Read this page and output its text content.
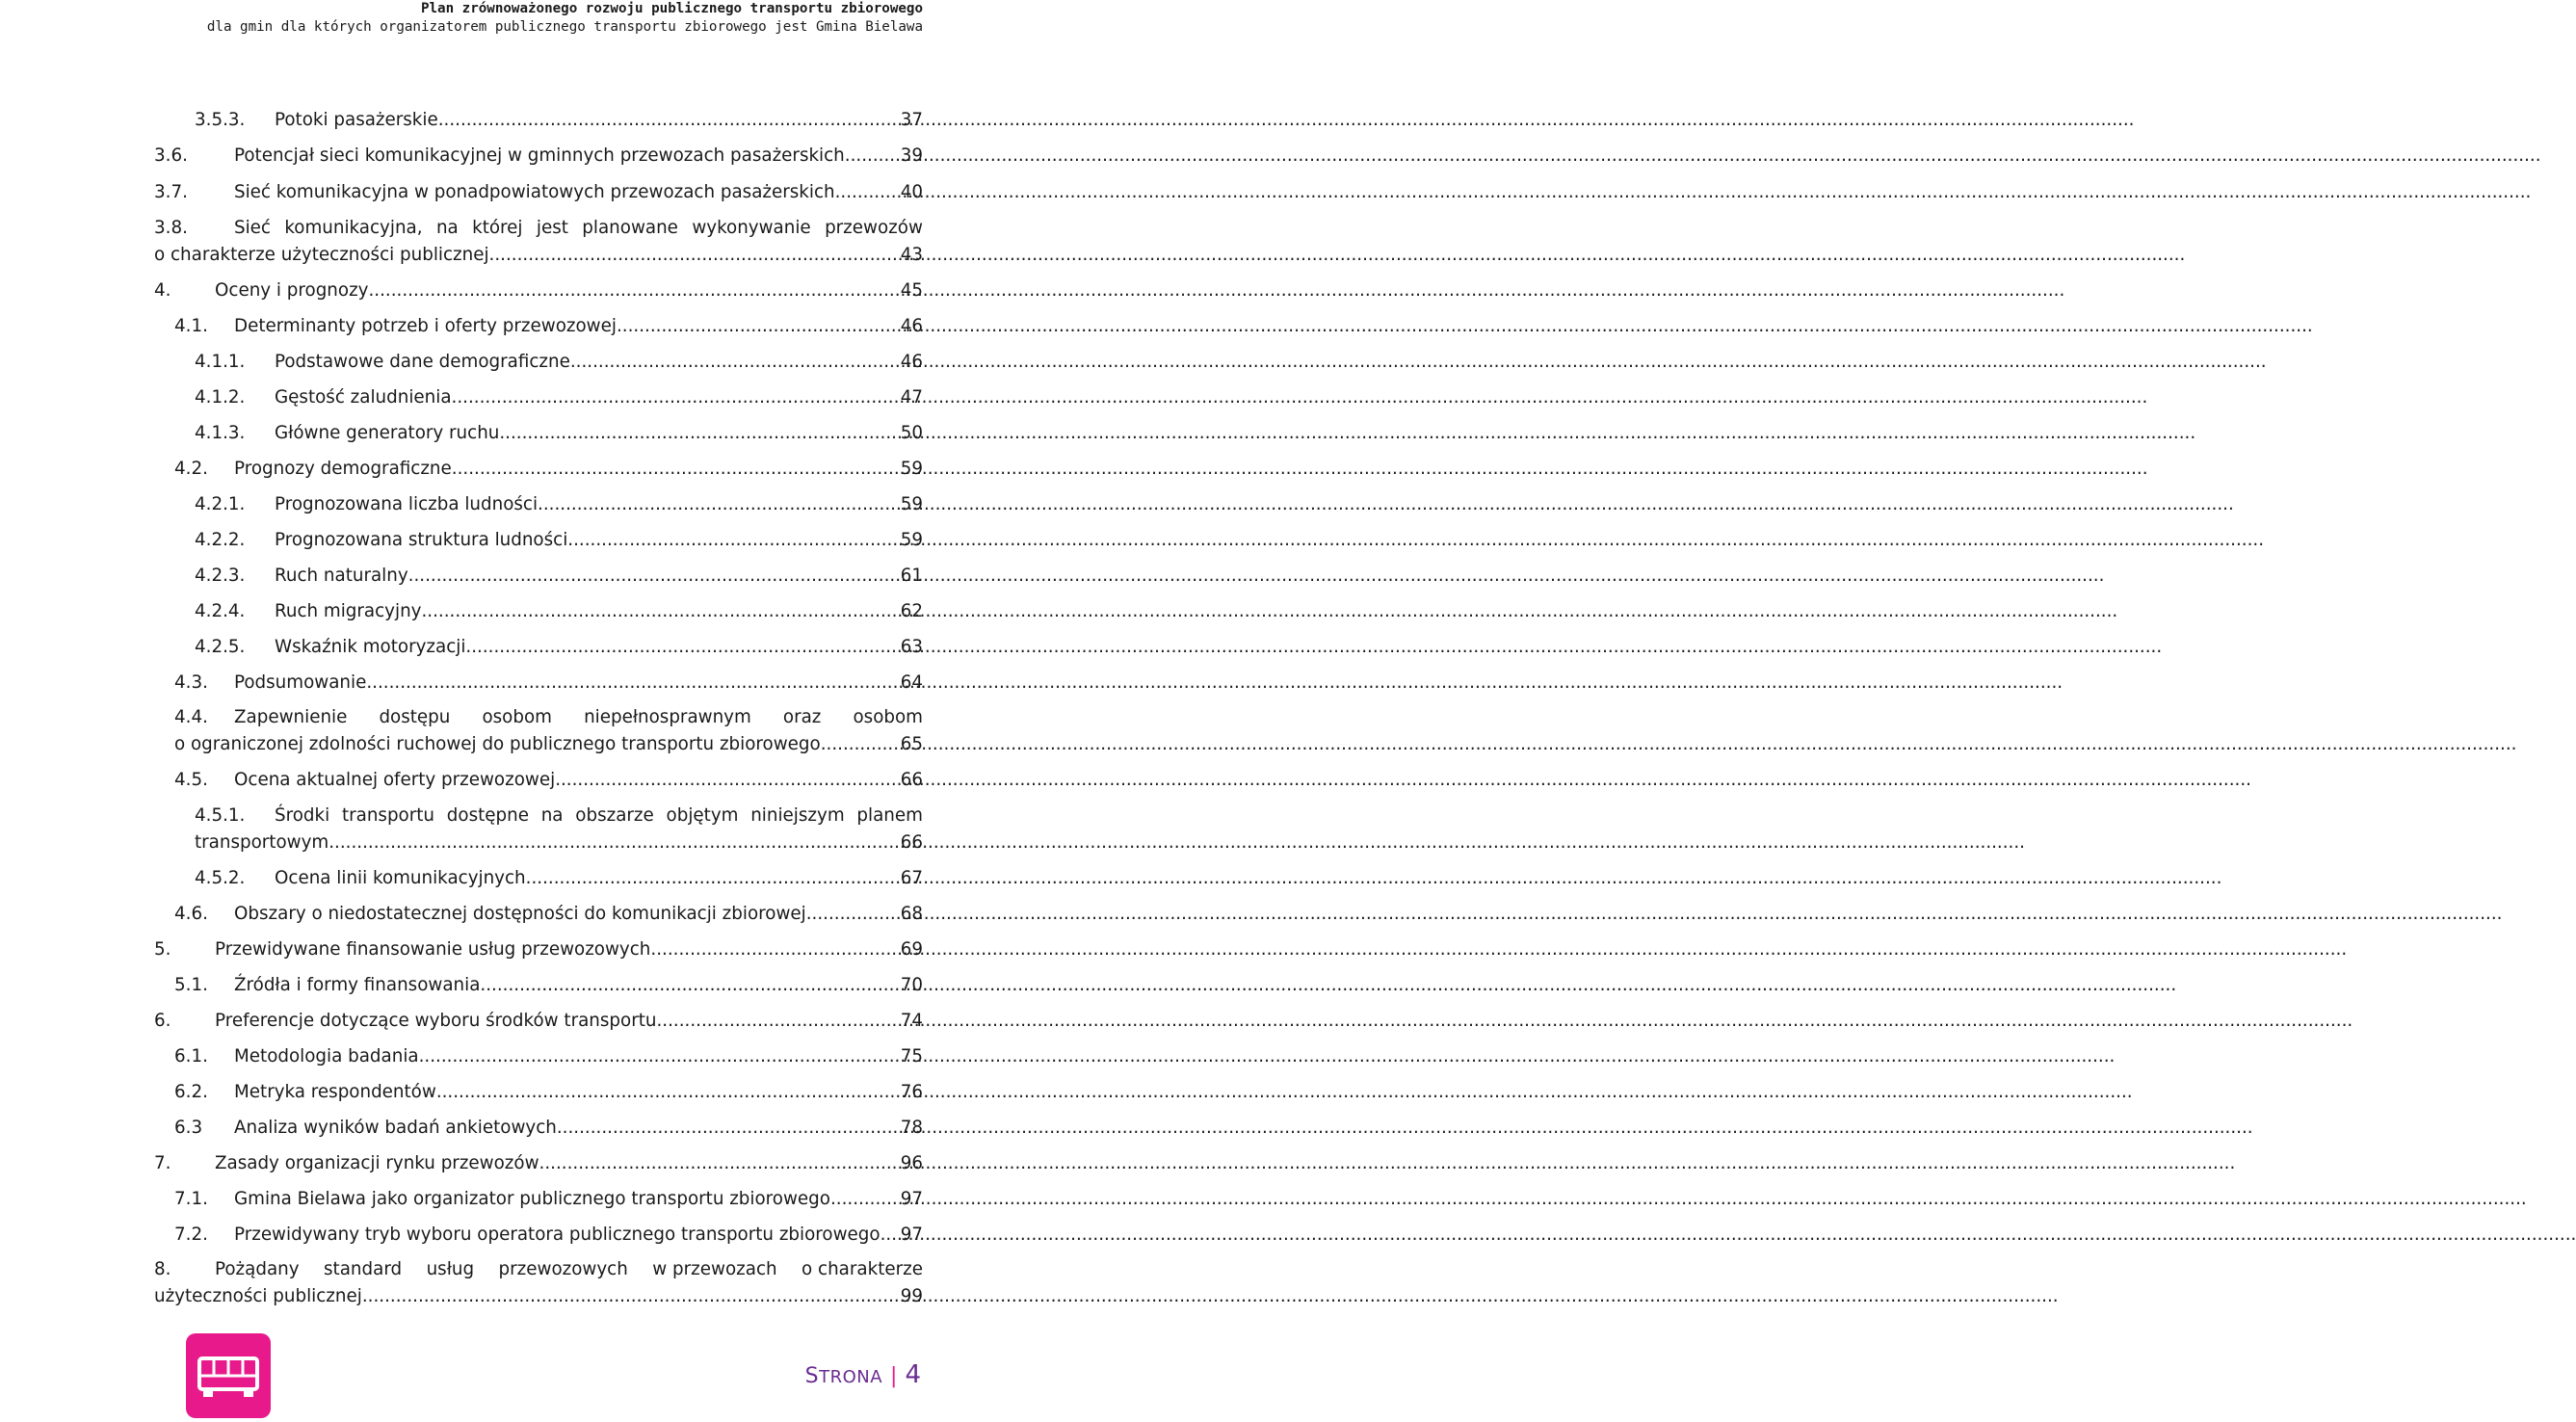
Plan zrównoważonego rozwoju publicznego transportu zbiorowego
dla gmin dla których organizatorem publicznego transportu zbiorowego jest Gmina Bielawa
3.5.3. Potoki pasażerskie .....	37
3.6.	Potencjał sieci komunikacyjnej w gminnych przewozach pasażerskich .....	39
3.7.	Sieć komunikacyjna w ponadpowiatowych przewozach pasażerskich .....	40
3.8.	Sieć komunikacyjna, na której jest planowane wykonywanie przewozów
o charakterze użyteczności publicznej .....	43
4. Oceny i prognozy .....	45
4.1. Determinanty potrzeb i oferty przewozowej .....	46
4.1.1. Podstawowe dane demograficzne .....	46
4.1.2. Gęstość zaludnienia .....	47
4.1.3. Główne generatory ruchu .....	50
4.2. Prognozy demograficzne .....	59
4.2.1. Prognozowana liczba ludności .....	59
4.2.2. Prognozowana struktura ludności .....	59
4.2.3. Ruch naturalny .....	61
4.2.4. Ruch migracyjny .....	62
4.2.5. Wskaźnik motoryzacji .....	63
4.3. Podsumowanie .....	64
4.4. Zapewnienie dostępu osobom niepełnosprawnym oraz osobom
o ograniczonej zdolności ruchowej do publicznego transportu zbiorowego .....	65
4.5. Ocena aktualnej oferty przewozowej .....	66
4.5.1. Środki transportu dostępne na obszarze objętym niniejszym planem
transportowym .....	66
4.5.2. Ocena linii komunikacyjnych .....	67
4.6. Obszary o niedostatecznej dostępności do komunikacji zbiorowej .....	68
5. Przewidywane finansowanie usług przewozowych .....	69
5.1. Źródła i formy finansowania .....	70
6. Preferencje dotyczące wyboru środków transportu .....	74
6.1. Metodologia badania .....	75
6.2. Metryka respondentów .....	76
6.3 Analiza wyników badań ankietowych .....	78
7. Zasady organizacji rynku przewozów .....	96
7.1. Gmina Bielawa jako organizator publicznego transportu zbiorowego .....	97
7.2. Przewidywany tryb wyboru operatora publicznego transportu zbiorowego ..... 97
8. Pożądany standard usług przewozowych w przewozach o charakterze
użyteczności publicznej .....	99
STRONA | 4
